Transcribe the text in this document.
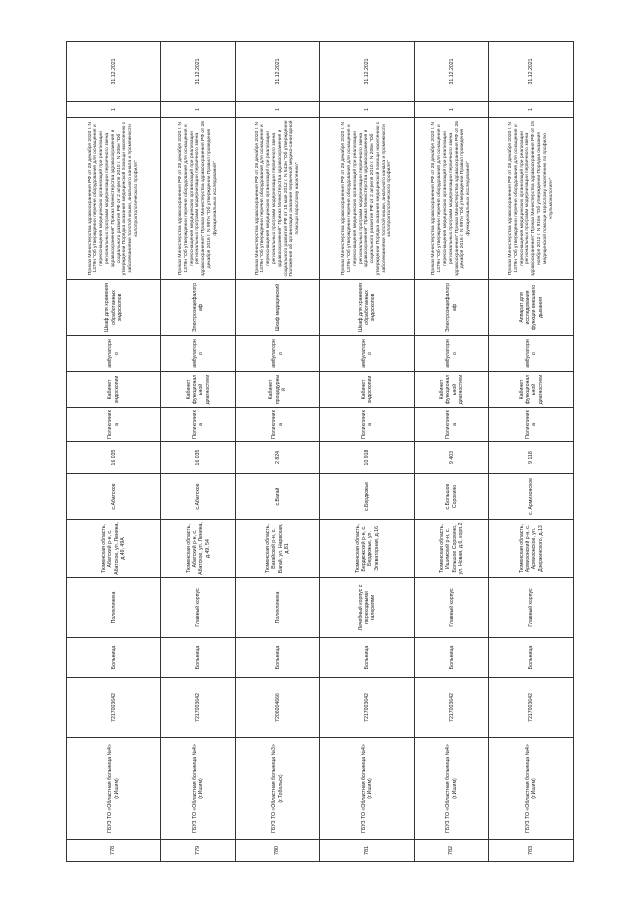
778	ГБУЗ ТО «Областная больница №4» (г.Ишим)	7217003642	Больница	Поликлиника	Тюменская область, Абатский р-н, с. Абатское, ул. Ленина, д.49, 49А	с.Абатское	16 035	Поликлиника	Кабинет эндоскопии	амбулаторно	Шкаф для хранения обработанных эндоскопов	Приказ Министерства здравоохранения РФ от 28 декабря 2020 г. N 1379н "Об утверждении перечня оборудования для оснащения и переоснащения медицинских организаций при реализации региональных программ модернизации первичного звена здравоохранения" Приказ Министерства здравоохранения и социального развития РФ от 2 апреля 2010 г. N 206н "Об утверждении Порядка оказания медицинской помощи населению с заболеваниями толстой кишки, анального канала и промежности колопроктологического профиля"	1	31.12.2021
779	ГБУЗ ТО «Областная больница №4» (г.Ишим)	7217003642	Больница	Главный корпус	Тюменская область, Абатский р-н, с. Абатское, ул. Ленина, д.49, 54	с.Абатское	16 035	Поликлиника	Кабинет функциональной диагностики	амбулаторно	Электроэнцефалограф	Приказ Министерства здравоохранения РФ от 28 декабря 2020 г. N 1379н "Об утверждении перечня оборудования для оснащения и переоснащения медицинских организаций при реализации региональных программ модернизации первичного звена здравоохранения" Приказ Министерства здравоохранения РФ от 26 декабря 2016 г. N 997н "Об утверждении Правил проведения функциональных исследований"	1	31.12.2021
780	ГБУЗ ТО «Областная больница №3» (г.Тобольск)	7206004666	Больница	Поликлиника	Тюменская область, Вагайский р-н, с. Вагай, ул. Нарвская, д.81	с.Вагай	2 824	Поликлиника	Кабинет процедурный	амбулаторно	Шкаф медицинский	Приказ Министерства здравоохранения РФ от 28 декабря 2020 г. N 1379н "Об утверждении перечня оборудования для оснащения и переоснащения медицинских организаций при реализации региональных программ модернизации первичного звена здравоохранения" Приказ Министерства здравоохранения и социального развития РФ от 15 мая 2012 г. N 543н "Об утверждении Положения об организации оказания первичной медико-санитарной помощи взрослому населению"	1	31.12.2021
781	ГБУЗ ТО «Областная больница №4» (г.Ишим)	7217003642	Больница	Лечебный корпус с переходными галереями	Тюменская область, Бердюжский р-н, с. Бердюжье, ул. Элеваторная, д.16	с.Бердюжье	10 918	Поликлиника	Кабинет эндоскопии	амбулаторно	Шкаф для хранения обработанных эндоскопов	Приказ Министерства здравоохранения РФ от 28 декабря 2020 г. N 1379н "Об утверждении перечня оборудования для оснащения и переоснащения медицинских организаций при реализации региональных программ модернизации первичного звена здравоохранения" Приказ Министерства здравоохранения и социального развития РФ от 2 апреля 2010 г. N 206н "Об утверждении Порядка оказания медицинской помощи населению с заболеваниями толстой кишки, анального канала и промежности колопроктологического профиля"	1	31.12.2021
782	ГБУЗ ТО «Областная больница №4» (г.Ишим)	7217003642	Больница	Главный корпус	Тюменская область, Ишимский р-н, с. Большое Сорокино, ул. Новая, д.6, корп.2	с.Большое Сорокино	9 403	Поликлиника	Кабинет функциональной диагностики	амбулаторно	Электроэнцефалограф	Приказ Министерства здравоохранения РФ от 28 декабря 2020 г. N 1379н "Об утверждении перечня оборудования для оснащения и переоснащения медицинских организаций при реализации региональных программ модернизации первичного звена здравоохранения" Приказ Министерства здравоохранения РФ от 26 декабря 2016 г. N 997н "Об утверждении Правил проведения функциональных исследований"	1	31.12.2021
783	ГБУЗ ТО «Областная больница №4» (г.Ишим)	7217003642	Больница	Главный корпус	Тюменская область, Армизонский р-н, с. Армизонское, ул. Дзержинского, д.13	с. Армизонское	9 118	Поликлиника	Кабинет функциональной диагностики	амбулаторно	Аппарат для исследования функции внешнего дыхания	Приказ Министерства здравоохранения РФ от 28 декабря 2020 г. N 1379н "Об утверждении перечня оборудования для оснащения и переоснащения медицинских организаций при реализации региональных программ модернизации первичного звена здравоохранения" Приказ Министерства здравоохранения РФ от 15 ноября 2012 г. N 916н "Об утверждении Порядка оказания медицинской помощи взрослому населению по профилю «пульмонология»"	1	31.12.2021
